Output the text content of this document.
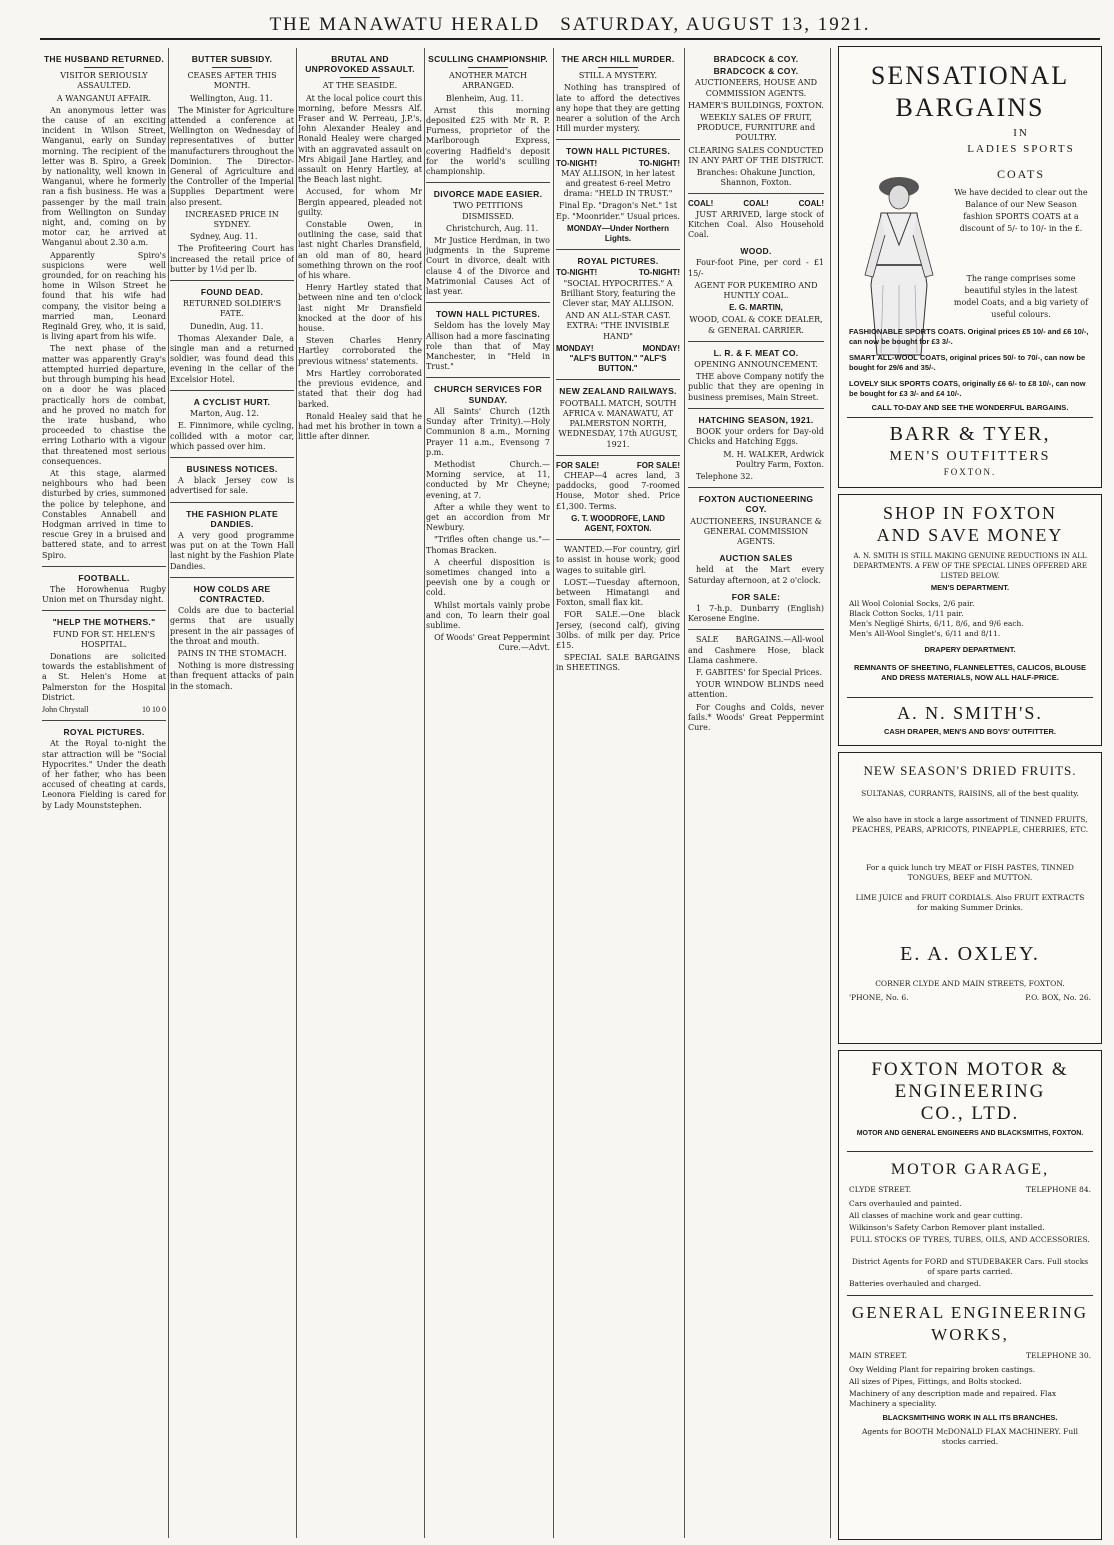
THE MANAWATU HERALD SATURDAY, AUGUST 13, 1921.
THE HUSBAND RETURNED.
VISITOR SERIOUSLY ASSAULTED.
A WANGANUI AFFAIR.

An anonymous letter was the cause of an exciting incident in Wilson Street, Wanganui, early on Sunday morning. The recipient of the letter was B. Spiro, a Greek by nationality, well known in Wanganui, where he formerly ran a fish business. He was a passenger by the mail train from Wellington on Sunday night, and, coming on by motor car, he arrived at Wanganui about 2.30 a.m.

Apparently Spiro's suspicions were well grounded, for on reaching his home in Wilson Street he found that his wife had company, the visitor being a married man, Leonard Reginald Grey, who, it is said, is living apart from his wife.

The next phase of the matter was apparently Gray's attempted hurried departure, but through bumping his head on a door he was placed practically hors de combat, and he proved no match for the irate husband, who proceeded to chastise the erring Lothario with a vigour that threatened most serious consequences.

At this stage, alarmed neighbours who had been disturbed by cries, summoned the police by telephone, and Constables Annabell and Hodgman arrived in time to rescue Grey in a bruised and battered state, and to arrest Spiro.

FOOTBALL.

The Horowhenua Rugby Union met on Thursday night.

"HELP THE MOTHERS."
FUND FOR ST. HELEN'S HOSPITAL.

Donations are solicited towards the establishment of a St. Helen's Home at Palmerston for the Hospital District.

John Chrystall	10 10 0
ROYAL PICTURES.

At the Royal to-night the star attraction will be "Social Hypocrites." Under the death of her father, who has been accused of cheating at cards, Leonora Fielding is cared for by Lady Mounststephen.

BUTTER SUBSIDY.
CEASES AFTER THIS MONTH.

Wellington, Aug. 11.

The Minister for Agriculture attended a conference at Wellington on Wednesday of representatives of butter manufacturers throughout the Dominion. The Director-General of Agriculture and the Controller of the Imperial Supplies Department were also present.

INCREASED PRICE IN SYDNEY.

Sydney, Aug. 11.

The Profiteering Court has increased the retail price of butter by 1½d per lb.

FOUND DEAD.
RETURNED SOLDIER'S FATE.

Dunedin, Aug. 11.

Thomas Alexander Dale, a single man and a returned soldier, was found dead this evening in the cellar of the Excelsior Hotel.

A CYCLIST HURT.

Marton, Aug. 12.

E. Finnimore, while cycling, collided with a motor car, which passed over him.

BUSINESS NOTICES.

A black Jersey cow is advertised for sale.

THE FASHION PLATE DANDIES.

A very good programme was put on at the Town Hall last night by the Fashion Plate Dandies.

HOW COLDS ARE CONTRACTED.

Colds are due to bacterial germs that are usually present in the air passages of the throat and mouth.

PAINS IN THE STOMACH.

Nothing is more distressing than frequent attacks of pain in the stomach.

BRUTAL AND UNPROVOKED ASSAULT.
AT THE SEASIDE.

At the local police court this morning, before Messrs Alf. Fraser and W. Perreau, J.P.'s, John Alexander Healey and Ronald Healey were charged with an aggravated assault on Mrs Abigail Jane Hartley, and assault on Henry Hartley, at the Beach last night.

Accused, for whom Mr Bergin appeared, pleaded not guilty.

Constable Owen, in outlining the case, said that last night Charles Dransfield, an old man of 80, heard something thrown on the roof of his whare.

Henry Hartley stated that between nine and ten o'clock last night Mr Dransfield knocked at the door of his house.

Steven Charles Henry Hartley corroborated the previous witness' statements.

Mrs Hartley corroborated the previous evidence, and stated that their dog had barked.

Ronald Healey said that he had met his brother in town a little after dinner.

SCULLING CHAMPIONSHIP.
ANOTHER MATCH ARRANGED.

Blenheim, Aug. 11.

Arnst this morning deposited £25 with Mr R. P. Furness, proprietor of the Marlborough Express, covering Hadfield's deposit for the world's sculling championship.

DIVORCE MADE EASIER.
TWO PETITIONS DISMISSED.

Christchurch, Aug. 11.

Mr Justice Herdman, in two judgments in the Supreme Court in divorce, dealt with clause 4 of the Divorce and Matrimonial Causes Act of last year.

TOWN HALL PICTURES.

Seldom has the lovely May Allison had a more fascinating role than that of May Manchester, in "Held in Trust."

CHURCH SERVICES FOR SUNDAY.

All Saints' Church (12th Sunday after Trinity).—Holy Communion 8 a.m., Morning Prayer 11 a.m., Evensong 7 p.m.

Methodist Church.—Morning service, at 11, conducted by Mr Cheyne; evening, at 7.

After a while they went to get an accordion from Mr Newbury.

"Trifles often change us."—Thomas Bracken.

A cheerful disposition is sometimes changed into a peevish one by a cough or cold.

Whilst mortals vainly probe and con, To learn their goal sublime.

Of Woods' Great Peppermint Cure.—Advt.

THE ARCH HILL MURDER.
STILL A MYSTERY.

Nothing has transpired of late to afford the detectives any hope that they are getting nearer a solution of the Arch Hill murder mystery.

TOWN HALL PICTURES.
TO-NIGHT!	TO-NIGHT!

MAY ALLISON, in her latest and greatest 6-reel Metro drama: "HELD IN TRUST."

Final Ep. "Dragon's Net." 1st Ep. "Moonrider." Usual prices.

MONDAY—Under Northern Lights.

ROYAL PICTURES.
TO-NIGHT!	TO-NIGHT!

"SOCIAL HYPOCRITES." A Brilliant Story, featuring the Clever star, MAY ALLISON.

AND AN ALL-STAR CAST. EXTRA: "THE INVISIBLE HAND"

MONDAY!	MONDAY!

"ALF'S BUTTON." "ALF'S BUTTON."

NEW ZEALAND RAILWAYS.

FOOTBALL MATCH, SOUTH AFRICA v. MANAWATU, AT PALMERSTON NORTH, WEDNESDAY, 17th AUGUST, 1921.

FOR SALE!	FOR SALE!

CHEAP—4 acres land, 3 paddocks, good 7-roomed House, Motor shed. Price £1,300. Terms.

G. T. WOODROFE, LAND AGENT, FOXTON.

WANTED.—For country, girl to assist in house work; good wages to suitable girl.

LOST.—Tuesday afternoon, between Himatangi and Foxton, small flax kit.

FOR SALE.—One black Jersey, (second calf), giving 30lbs. of milk per day. Price £15.

SPECIAL SALE BARGAINS in SHEETINGS.

BRADCOCK & COY.
BRADCOCK & COY.

AUCTIONEERS, HOUSE AND COMMISSION AGENTS.

HAMER'S BUILDINGS, FOXTON.

WEEKLY SALES OF FRUIT, PRODUCE, FURNITURE and POULTRY.

CLEARING SALES CONDUCTED IN ANY PART OF THE DISTRICT.

Branches: Ohakune Junction, Shannon, Foxton.

COAL!	COAL!	COAL!

JUST ARRIVED, large stock of Kitchen Coal. Also Household Coal.

WOOD.

Four-foot Pine, per cord - £1 15/-

AGENT FOR PUKEMIRO AND HUNTLY COAL.

E. G. MARTIN,

WOOD, COAL & COKE DEALER, & GENERAL CARRIER.

L. R. & F. MEAT CO.
OPENING ANNOUNCEMENT.

THE above Company notify the public that they are opening in business premises, Main Street.

HATCHING SEASON, 1921.

BOOK your orders for Day-old Chicks and Hatching Eggs.

M. H. WALKER, Ardwick Poultry Farm, Foxton.

Telephone 32.

FOXTON AUCTIONEERING COY.

AUCTIONEERS, INSURANCE & GENERAL COMMISSION AGENTS.

AUCTION SALES

held at the Mart every Saturday afternoon, at 2 o'clock.

FOR SALE:

1 7-h.p. Dunbarry (English) Kerosene Engine.

SALE BARGAINS.—All-wool and Cashmere Hose, black Llama cashmere.

F. GABITES' for Special Prices.

YOUR WINDOW BLINDS need attention.

For Coughs and Colds, never fails.* Woods' Great Peppermint Cure.

SENSATIONAL
BARGAINS
IN
LADIES SPORTS
COATS
We have decided to clear out the Balance of our New Season fashion SPORTS COATS at a discount of 5/- to 10/- in the £.
The range comprises some beautiful styles in the latest model Coats, and a big variety of useful colours.
FASHIONABLE SPORTS COATS. Original prices £5 10/- and £6 10/-, can now be bought for £3 3/-.
SMART ALL-WOOL COATS, original prices 50/- to 70/-, can now be bought for 29/6 and 35/-.
LOVELY SILK SPORTS COATS, originally £6 6/- to £8 10/-, can now be bought for £3 3/- and £4 10/-.
CALL TO-DAY AND SEE THE WONDERFUL BARGAINS.
BARR & TYER,
MEN'S OUTFITTERS
FOXTON.
SHOP IN FOXTON
AND SAVE MONEY
A. N. SMITH IS STILL MAKING GENUINE REDUCTIONS IN ALL DEPARTMENTS. A FEW OF THE SPECIAL LINES OFFERED ARE LISTED BELOW.
MEN'S DEPARTMENT.
All Wool Colonial Socks, 2/6 pair.
Black Cotton Socks, 1/11 pair.
Men's Negligé Shirts, 6/11, 8/6, and 9/6 each.
Men's All-Wool Singlet's, 6/11 and 8/11.
DRAPERY DEPARTMENT.
REMNANTS OF SHEETING, FLANNELETTES, CALICOS, BLOUSE AND DRESS MATERIALS, NOW ALL HALF-PRICE.
A. N. SMITH'S.
CASH DRAPER, MEN'S AND BOYS' OUTFITTER.
NEW SEASON'S DRIED FRUITS.
SULTANAS, CURRANTS, RAISINS, all of the best quality.
We also have in stock a large assortment of TINNED FRUITS, PEACHES, PEARS, APRICOTS, PINEAPPLE, CHERRIES, ETC.
For a quick lunch try MEAT or FISH PASTES, TINNED TONGUES, BEEF and MUTTON.
LIME JUICE and FRUIT CORDIALS. Also FRUIT EXTRACTS for making Summer Drinks.
E. A. OXLEY.
CORNER CLYDE AND MAIN STREETS, FOXTON.
'PHONE, No. 6.	P.O. BOX, No. 26.
FOXTON MOTOR &
ENGINEERING
CO., LTD.
MOTOR AND GENERAL ENGINEERS AND BLACKSMITHS, FOXTON.
MOTOR GARAGE,
CLYDE STREET.	TELEPHONE 84.
Cars overhauled and painted.
All classes of machine work and gear cutting.
Wilkinson's Safety Carbon Remover plant installed.
FULL STOCKS OF TYRES, TUBES, OILS, AND ACCESSORIES.
District Agents for FORD and STUDEBAKER Cars. Full stocks of spare parts carried.
Batteries overhauled and charged.
GENERAL ENGINEERING
WORKS,
MAIN STREET.	TELEPHONE 30.
Oxy Welding Plant for repairing broken castings.
All sizes of Pipes, Fittings, and Bolts stocked.
Machinery of any description made and repaired. Flax Machinery a speciality.
BLACKSMITHING WORK IN ALL ITS BRANCHES.
Agents for BOOTH McDONALD FLAX MACHINERY. Full stocks carried.
